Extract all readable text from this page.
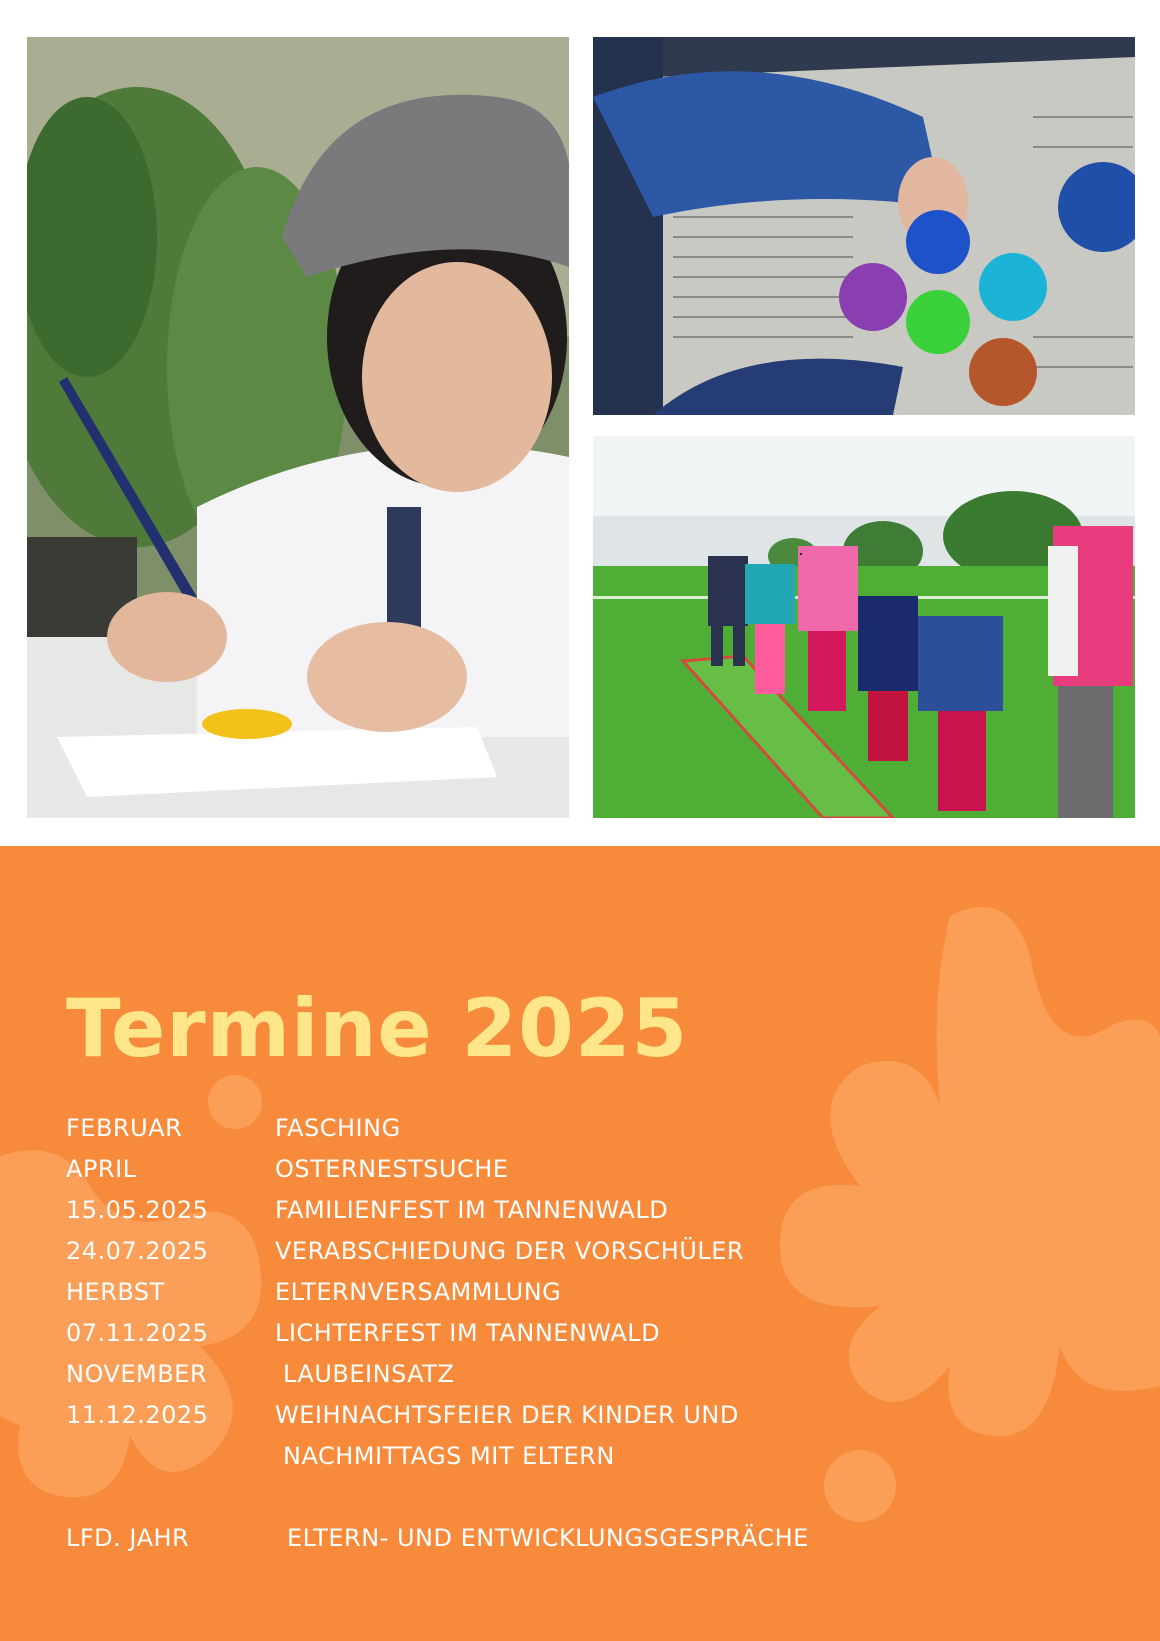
Termine 2025
FEBRUAR	FASCHING
APRIL	OSTERNESTSUCHE
15.05.2025	FAMILIENFEST IM TANNENWALD
24.07.2025	VERABSCHIEDUNG DER VORSCHÜLER
HERBST	ELTERNVERSAMMLUNG
07.11.2025	LICHTERFEST IM TANNENWALD
NOVEMBER	LAUBEINSATZ
11.12.2025	WEIHNACHTSFEIER DER KINDER UND
NACHMITTAGS MIT ELTERN
LFD. JAHR	ELTERN- UND ENTWICKLUNGSGESPRÄCHE
